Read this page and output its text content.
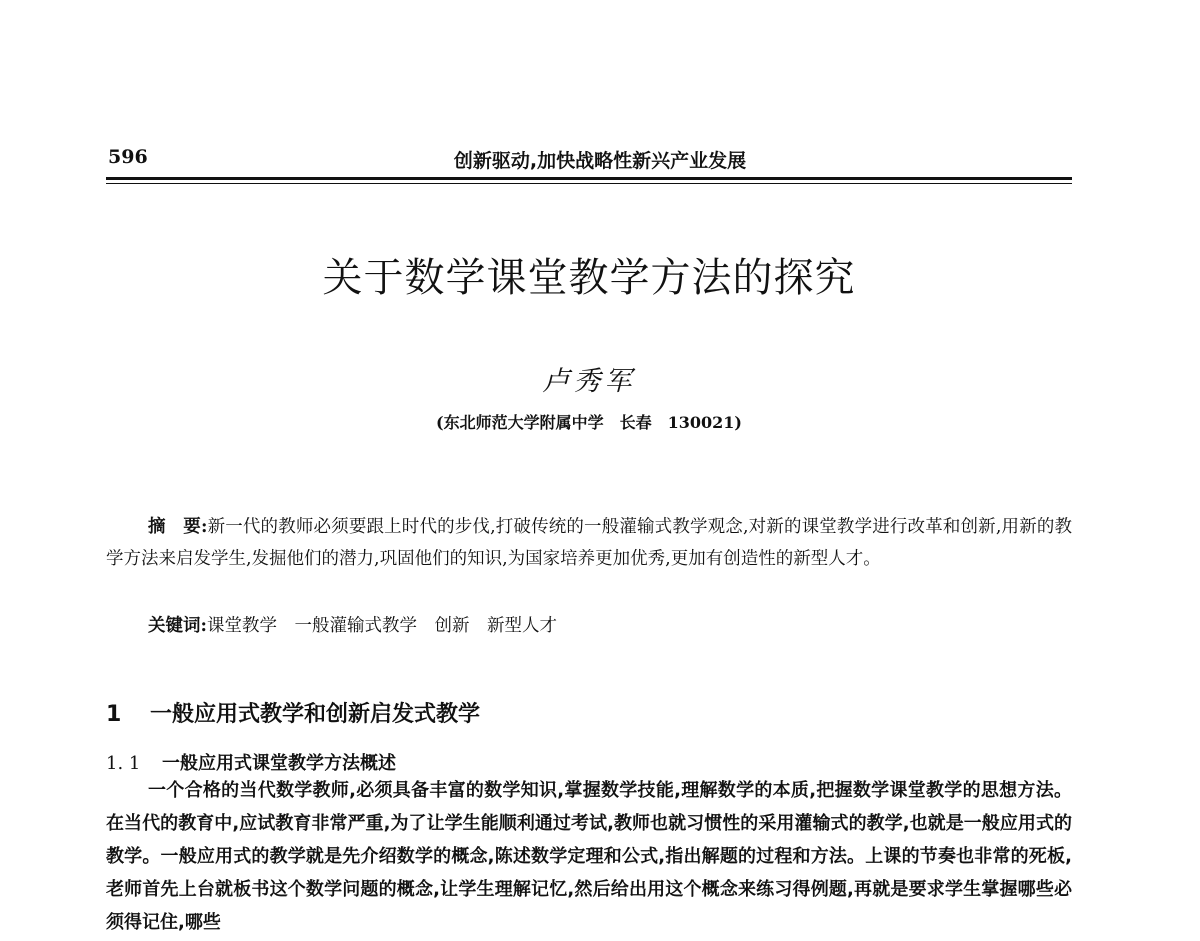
596	创新驱动,加快战略性新兴产业发展
关于数学课堂教学方法的探究
卢秀军
(东北师范大学附属中学　长春　130021)

摘　要:新一代的教师必须要跟上时代的步伐,打破传统的一般灌输式教学观念,对新的课堂教学进行改革和创新,用新的教学方法来启发学生,发掘他们的潜力,巩固他们的知识,为国家培养更加优秀,更加有创造性的新型人才。

关键词:课堂教学　一般灌输式教学　创新　新型人才
1 一般应用式教学和创新启发式教学
1. 1 一般应用式课堂教学方法概述

一个合格的当代数学教师,必须具备丰富的数学知识,掌握数学技能,理解数学的本质,把握数学课堂教学的思想方法。在当代的教育中,应试教育非常严重,为了让学生能顺利通过考试,教师也就习惯性的采用灌输式的教学,也就是一般应用式的教学。一般应用式的教学就是先介绍数学的概念,陈述数学定理和公式,指出解题的过程和方法。上课的节奏也非常的死板,老师首先上台就板书这个数学问题的概念,让学生理解记忆,然后给出用这个概念来练习得例题,再就是要求学生掌握哪些必须得记住,哪些
